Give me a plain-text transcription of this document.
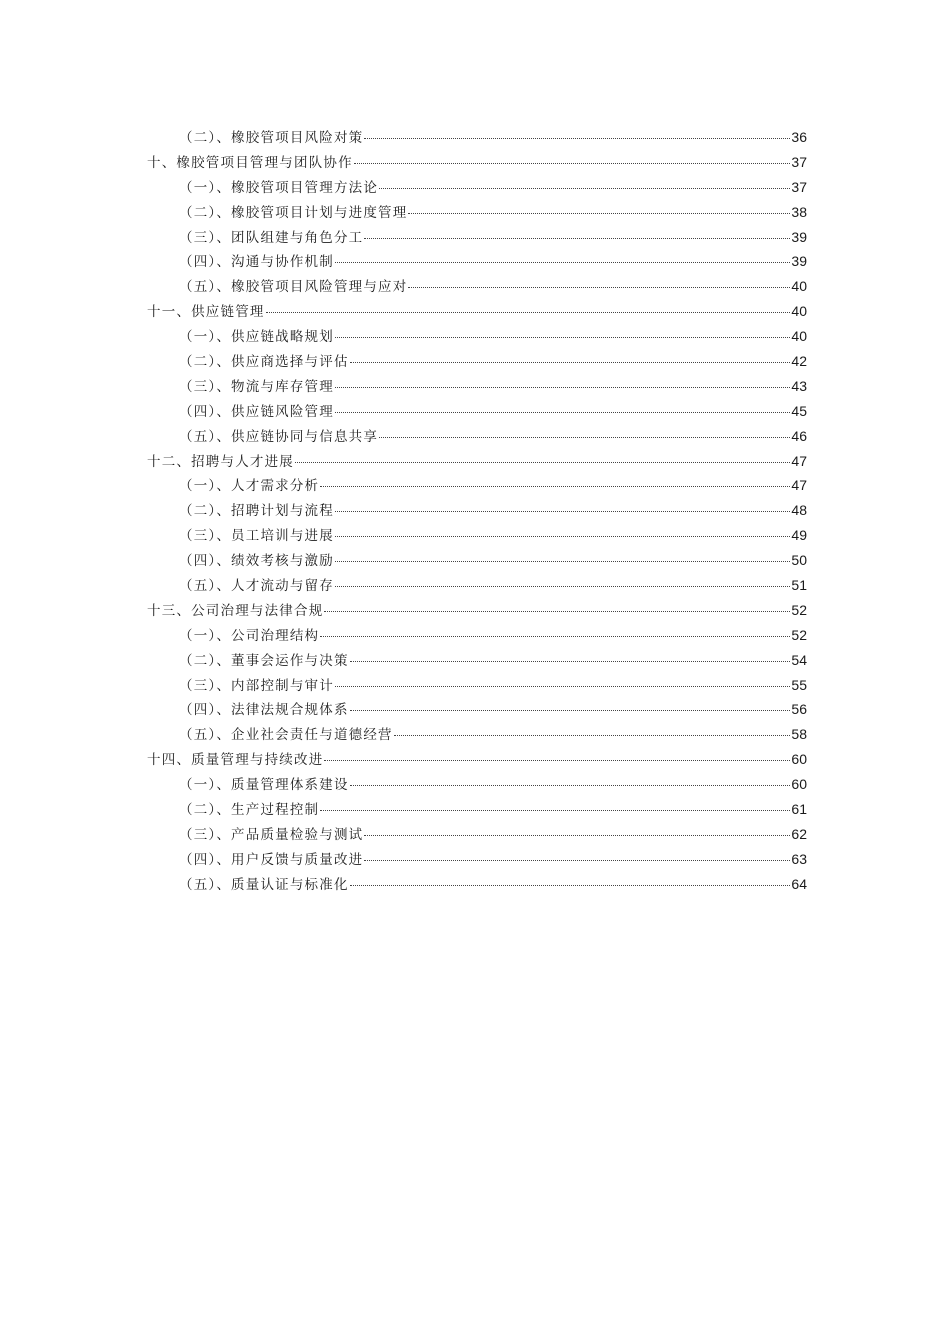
（二）、橡胶管项目风险对策	36
十、橡胶管项目管理与团队协作	37
（一）、橡胶管项目管理方法论	37
（二）、橡胶管项目计划与进度管理	38
（三）、团队组建与角色分工	39
（四）、沟通与协作机制	39
（五）、橡胶管项目风险管理与应对	40
十一、供应链管理	40
（一）、供应链战略规划	40
（二）、供应商选择与评估	42
（三）、物流与库存管理	43
（四）、供应链风险管理	45
（五）、供应链协同与信息共享	46
十二、招聘与人才进展	47
（一）、人才需求分析	47
（二）、招聘计划与流程	48
（三）、员工培训与进展	49
（四）、绩效考核与激励	50
（五）、人才流动与留存	51
十三、公司治理与法律合规	52
（一）、公司治理结构	52
（二）、董事会运作与决策	54
（三）、内部控制与审计	55
（四）、法律法规合规体系	56
（五）、企业社会责任与道德经营	58
十四、质量管理与持续改进	60
（一）、质量管理体系建设	60
（二）、生产过程控制	61
（三）、产品质量检验与测试	62
（四）、用户反馈与质量改进	63
（五）、质量认证与标准化	64
